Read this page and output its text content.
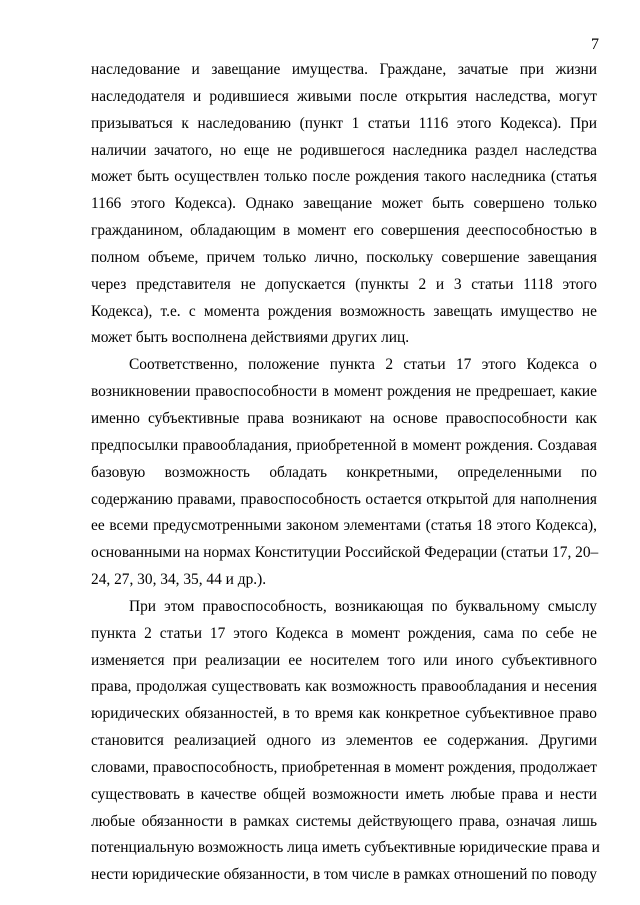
7

наследование и завещание имущества. Граждане, зачатые при жизни
наследодателя и родившиеся живыми после открытия наследства, могут
призываться к наследованию (пункт 1 статьи 1116 этого Кодекса). При
наличии зачатого, но еще не родившегося наследника раздел наследства
может быть осуществлен только после рождения такого наследника (статья
1166 этого Кодекса). Однако завещание может быть совершено только
гражданином, обладающим в момент его совершения дееспособностью в
полном объеме, причем только лично, поскольку совершение завещания
через представителя не допускается (пункты 2 и 3 статьи 1118 этого
Кодекса), т.е. с момента рождения возможность завещать имущество не
может быть восполнена действиями других лиц.

Соответственно, положение пункта 2 статьи 17 этого Кодекса о
возникновении правоспособности в момент рождения не предрешает, какие
именно субъективные права возникают на основе правоспособности как
предпосылки правообладания, приобретенной в момент рождения. Создавая
базовую возможность обладать конкретными, определенными по
содержанию правами, правоспособность остается открытой для наполнения
ее всеми предусмотренными законом элементами (статья 18 этого Кодекса),
основанными на нормах Конституции Российской Федерации (статьи 17, 20–
24, 27, 30, 34, 35, 44 и др.).

При этом правоспособность, возникающая по буквальному смыслу
пункта 2 статьи 17 этого Кодекса в момент рождения, сама по себе не
изменяется при реализации ее носителем того или иного субъективного
права, продолжая существовать как возможность правообладания и несения
юридических обязанностей, в то время как конкретное субъективное право
становится реализацией одного из элементов ее содержания. Другими
словами, правоспособность, приобретенная в момент рождения, продолжает
существовать в качестве общей возможности иметь любые права и нести
любые обязанности в рамках системы действующего права, означая лишь
потенциальную возможность лица иметь субъективные юридические права и
нести юридические обязанности, в том числе в рамках отношений по поводу
